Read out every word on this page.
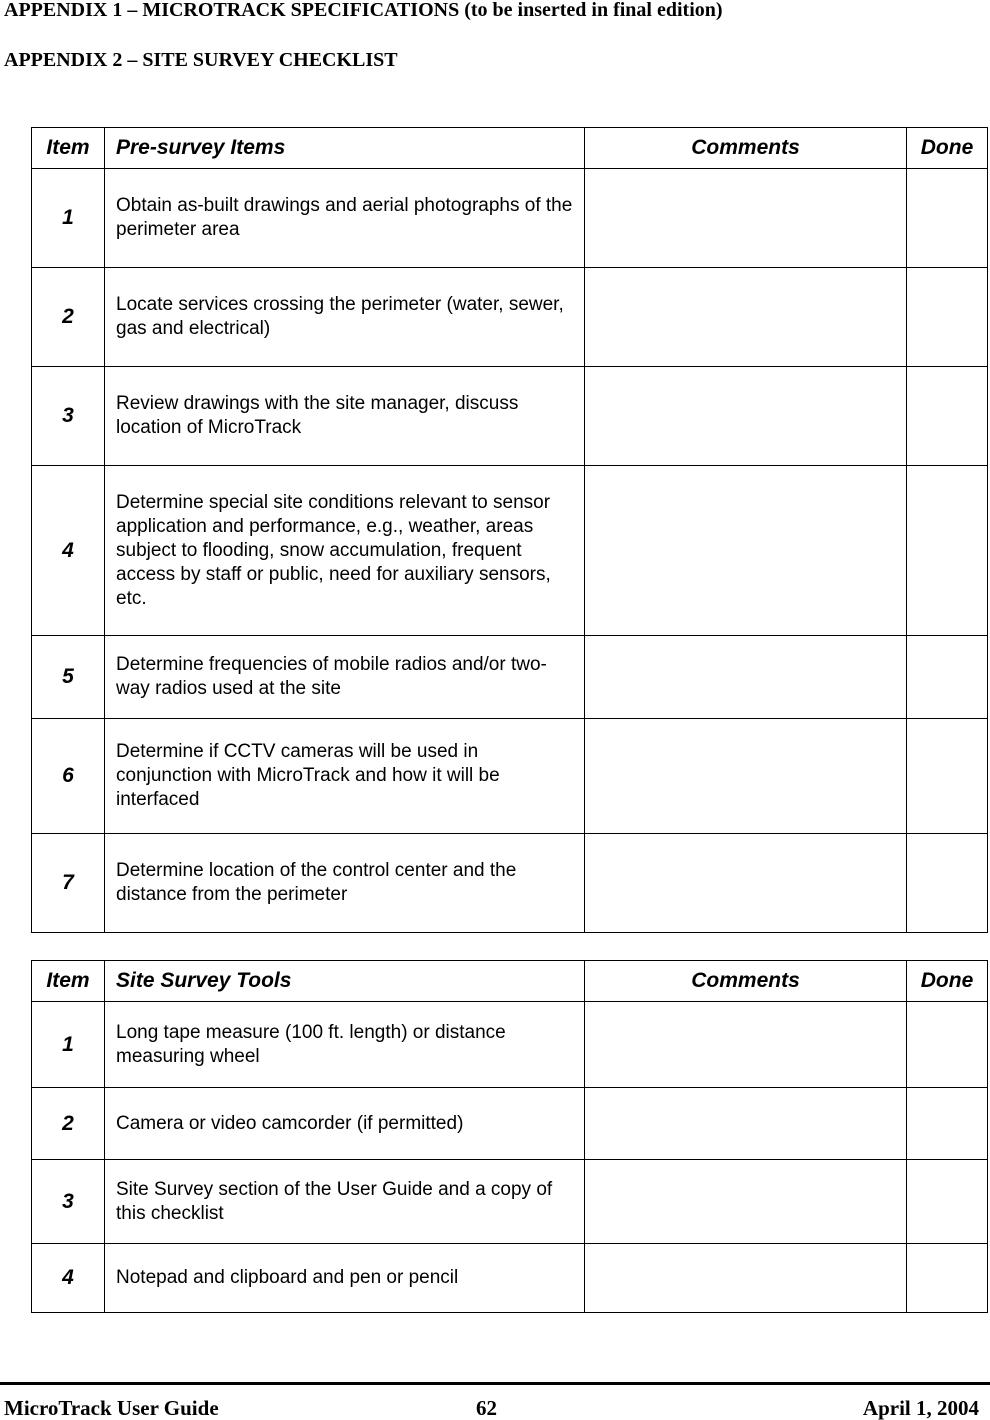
APPENDIX 1 – MICROTRACK SPECIFICATIONS (to be inserted in final edition)
APPENDIX 2 – SITE SURVEY CHECKLIST
Item	Pre-survey Items	Comments	Done
1	Obtain as-built drawings and aerial photographs of the perimeter area		
2	Locate services crossing the perimeter (water, sewer, gas and electrical)		
3	Review drawings with the site manager, discuss location of MicroTrack		
4	Determine special site conditions relevant to sensor application and performance, e.g., weather, areas subject to flooding, snow accumulation, frequent access by staff or public, need for auxiliary sensors, etc.		
5	Determine frequencies of mobile radios and/or two-way radios used at the site		
6	Determine if CCTV cameras will be used in conjunction with MicroTrack and how it will be interfaced		
7	Determine location of the control center and the distance from the perimeter		
Item	Site Survey Tools	Comments	Done
1	Long tape measure (100 ft. length) or distance measuring wheel		
2	Camera or video camcorder (if permitted)		
3	Site Survey section of the User Guide and a copy of this checklist		
4	Notepad and clipboard and pen or pencil		
MicroTrack User Guide	62	April 1, 2004
